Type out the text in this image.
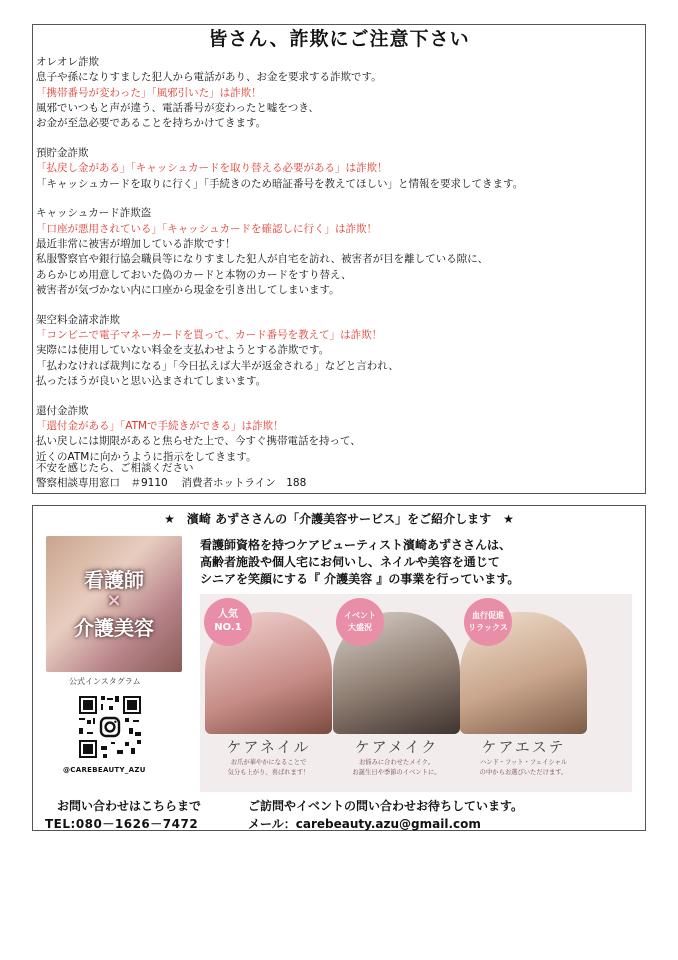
皆さん、詐欺にご注意下さい
オレオレ詐欺
息子や孫になりすました犯人から電話があり、お金を要求する詐欺です。
「携帯番号が変わった」「風邪引いた」は詐欺！
風邪でいつもと声が違う、電話番号が変わったと嘘をつき、
お金が至急必要であることを持ちかけてきます。
預貯金詐欺
「払戻し金がある」「キャッシュカードを取り替える必要がある」は詐欺！
「キャッシュカードを取りに行く」「手続きのため暗証番号を教えてほしい」と情報を要求してきます。
キャッシュカード詐欺盗
「口座が悪用されている」「キャッシュカードを確認しに行く」は詐欺！
最近非常に被害が増加している詐欺です！
私服警察官や銀行協会職員等になりすました犯人が自宅を訪れ、被害者が目を離している隙に、
あらかじめ用意しておいた偽のカードと本物のカードをすり替え、
被害者が気づかない内に口座から現金を引き出してしまいます。
架空料金請求詐欺
「コンビニで電子マネーカードを買って、カード番号を教えて」は詐欺！
実際には使用していない料金を支払わせようとする詐欺です。
「払わなければ裁判になる」「今日払えば大半が返金される」などと言われ、
払ったほうが良いと思い込まされてしまいます。
還付金詐欺
「還付金がある」「ATMで手続きができる」は詐欺！
払い戻しには期限があると焦らせた上で、今すぐ携帯電話を持って、
近くのATMに向かうように指示をしてきます。
不安を感じたら、ご相談ください
警察相談専用窓口　＃9110　 消費者ホットライン　188
★　濱崎 あずささんの「介護美容サービス」をご紹介します　★
看護師
×
介護美容
公式インスタグラム
@CAREBEAUTY_AZU
看護師資格を持つケアビューティスト濱崎あずささんは、
高齢者施設や個人宅にお伺いし、ネイルや美容を通じて
シニアを笑顔にする『 介護美容 』の事業を行っています。
人気
NO.1
イベント
大盛況
血行促進
リラックス
ケアネイル	ケアメイク	ケアエステ
お爪が華やかになることで
気分も上がり、喜ばれます！
お悩みに合わせたメイク。
お誕生日や季節のイベントに。
ハンド・フット・フェイシャル
の中からお選びいただけます。
お問い合わせはこちらまで
TEL:080－1626－7472
ご訪問やイベントの問い合わせお待ちしています。
メール：carebeauty.azu@gmail.com
